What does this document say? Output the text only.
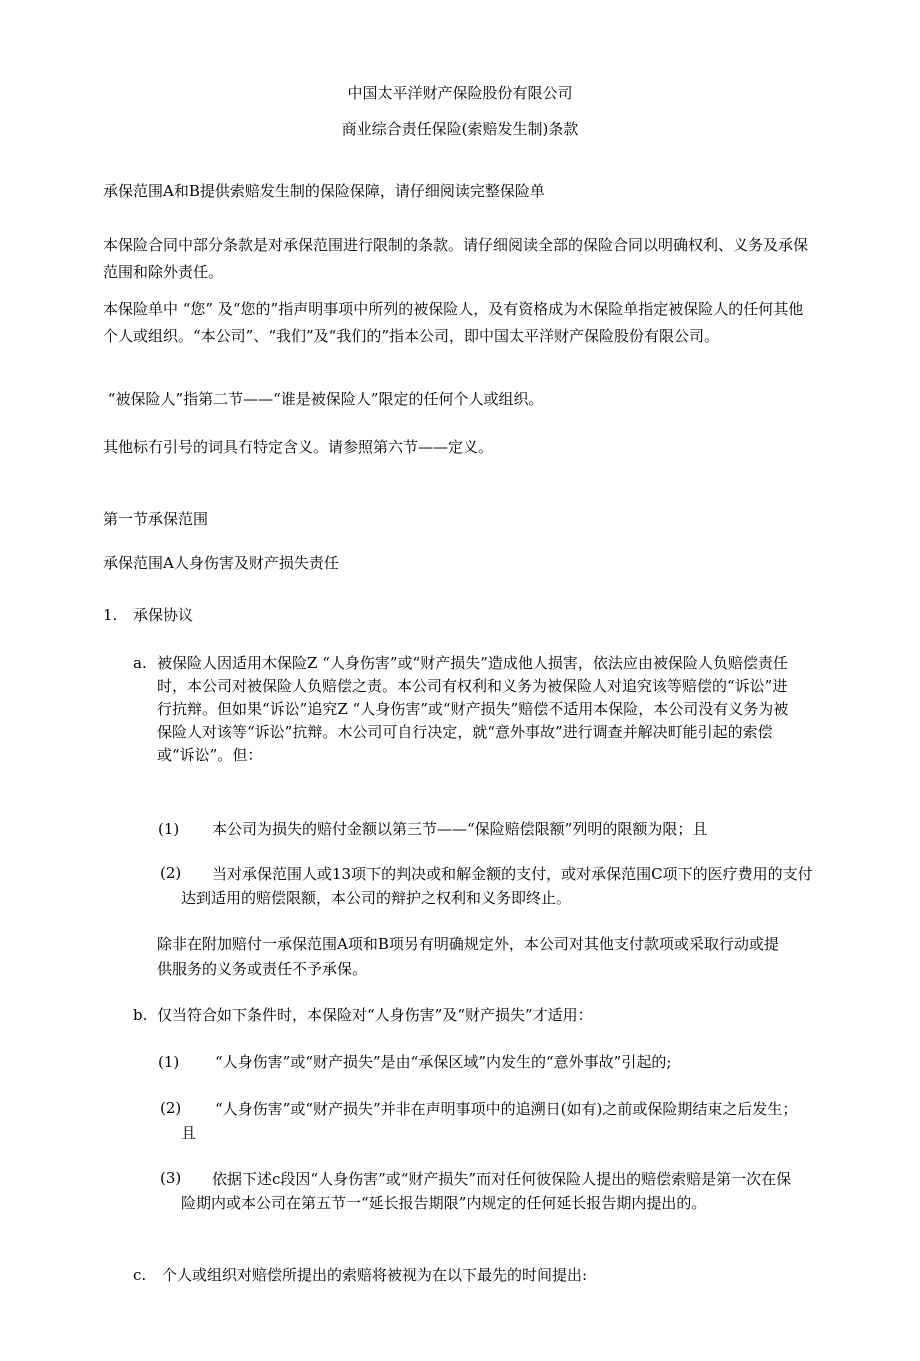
中国太平洋财产保险股份有限公司
商业综合责任保险(索赔发生制)条款

承保范围A和B提供索赔发生制的保险保障，请仔细阅读完整保险单

本保险合同中部分条款是对承保范围进行限制的条款。请仔细阅读全部的保险合同以明确权利、义务及承保范围和除外责任。

本保险单中 “您” 及“您的”指声明事项中所列的被保险人，及有资格成为木保险单指定被保险人的任何其他个人或组织。“本公司”、“我们”及“我们的”指本公司，即中国太平洋财产保险股份有限公司。

“被保险人”指第二节——“谁是被保险人”限定的任何个人或组织。

其他标冇引号的词具冇特定含义。请参照第六节——定义。

第一节承保范围

承保范围A人身伤害及财产损失责任

1. 承保协议

a. 被保险人因适用木保险Z “人身伤害”或“财产损失”造成他人损害，依法应由被保险人负赔偿责任时，本公司对被保险人负赔偿之责。本公司有权利和义务为被保险人对追究该等赔偿的“诉讼”进行抗辩。但如果“诉讼”追究Z “人身伤害”或“财产损失”赔偿不适用本保险，本公司没有义务为被保险人对该等“诉讼”抗辩。木公司可自行决定，就“意外事故”进行调查并解决町能引起的索偿或“诉讼”。但：

(1) 本公司为损失的赔付金额以第三节——“保险赔偿限额”列明的限额为限；且

(2)	当对承保范围人或13项下的判决或和解金额的支付，或对承保范围C项下的医疗费用的支付达到适用的赔偿限额，本公司的辩护之权利和义务即终止。

除非在附加赔付一承保范围A项和B项另有明确规定外，本公司对其他支付款项或采取行动或提供服务的义务或责任不予承保。

b. 仅当符合如下条件时，本保险对“人身伤害”及“财产损失”才适用：

(1) “人身伤害”或“财产损失”是由“承保区域”内发生的“意外事故”引起的;

(2)	“人身伤害”或“财产损失”并非在声明事项中的追溯日(如有)之前或保险期结束之后发生；且

(3)	依据下述c段因“人身伤害”或“财产损失”而对任何彼保险人提出的赔偿索赔是第一次在保险期内或本公司在第五节一“延长报告期限”内规定的任何延长报告期内提出的。

c. 个人或组织对赔偿所提出的索赔将被视为在以下最先的时间提出:
